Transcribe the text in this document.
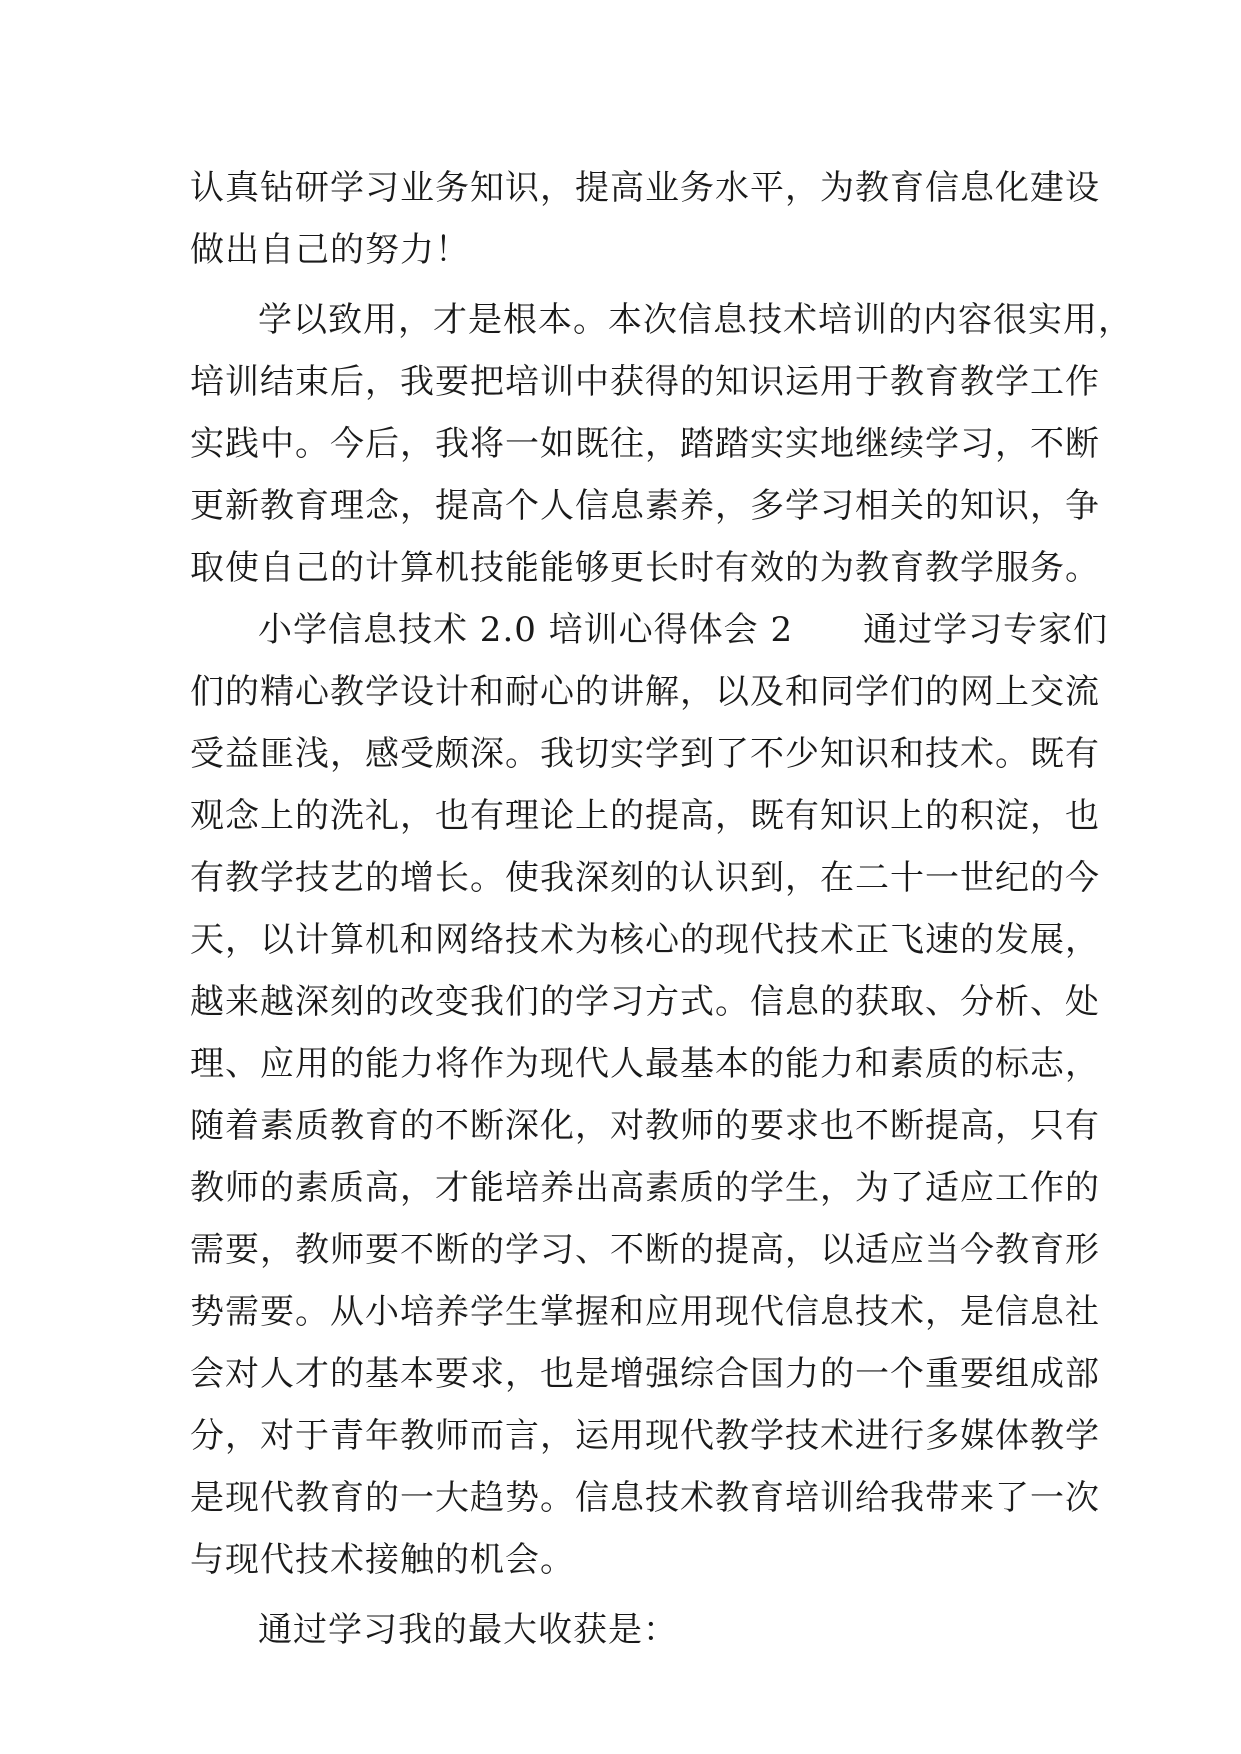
认真钻研学习业务知识，提高业务水平，为教育信息化建设
做出自己的努力！
学以致用，才是根本。本次信息技术培训的内容很实用，
培训结束后，我要把培训中获得的知识运用于教育教学工作
实践中。今后，我将一如既往，踏踏实实地继续学习，不断
更新教育理念，提高个人信息素养，多学习相关的知识，争
取使自己的计算机技能能够更长时有效的为教育教学服务。
小学信息技术 2.0 培训心得体会 2　　通过学习专家们
们的精心教学设计和耐心的讲解，以及和同学们的网上交流
受益匪浅，感受颇深。我切实学到了不少知识和技术。既有
观念上的洗礼，也有理论上的提高，既有知识上的积淀，也
有教学技艺的增长。使我深刻的认识到，在二十一世纪的今
天，以计算机和网络技术为核心的现代技术正飞速的发展，
越来越深刻的改变我们的学习方式。信息的获取、分析、处
理、应用的能力将作为现代人最基本的能力和素质的标志，
随着素质教育的不断深化，对教师的要求也不断提高，只有
教师的素质高，才能培养出高素质的学生，为了适应工作的
需要，教师要不断的学习、不断的提高，以适应当今教育形
势需要。从小培养学生掌握和应用现代信息技术，是信息社
会对人才的基本要求，也是增强综合国力的一个重要组成部
分，对于青年教师而言，运用现代教学技术进行多媒体教学
是现代教育的一大趋势。信息技术教育培训给我带来了一次
与现代技术接触的机会。
通过学习我的最大收获是：
